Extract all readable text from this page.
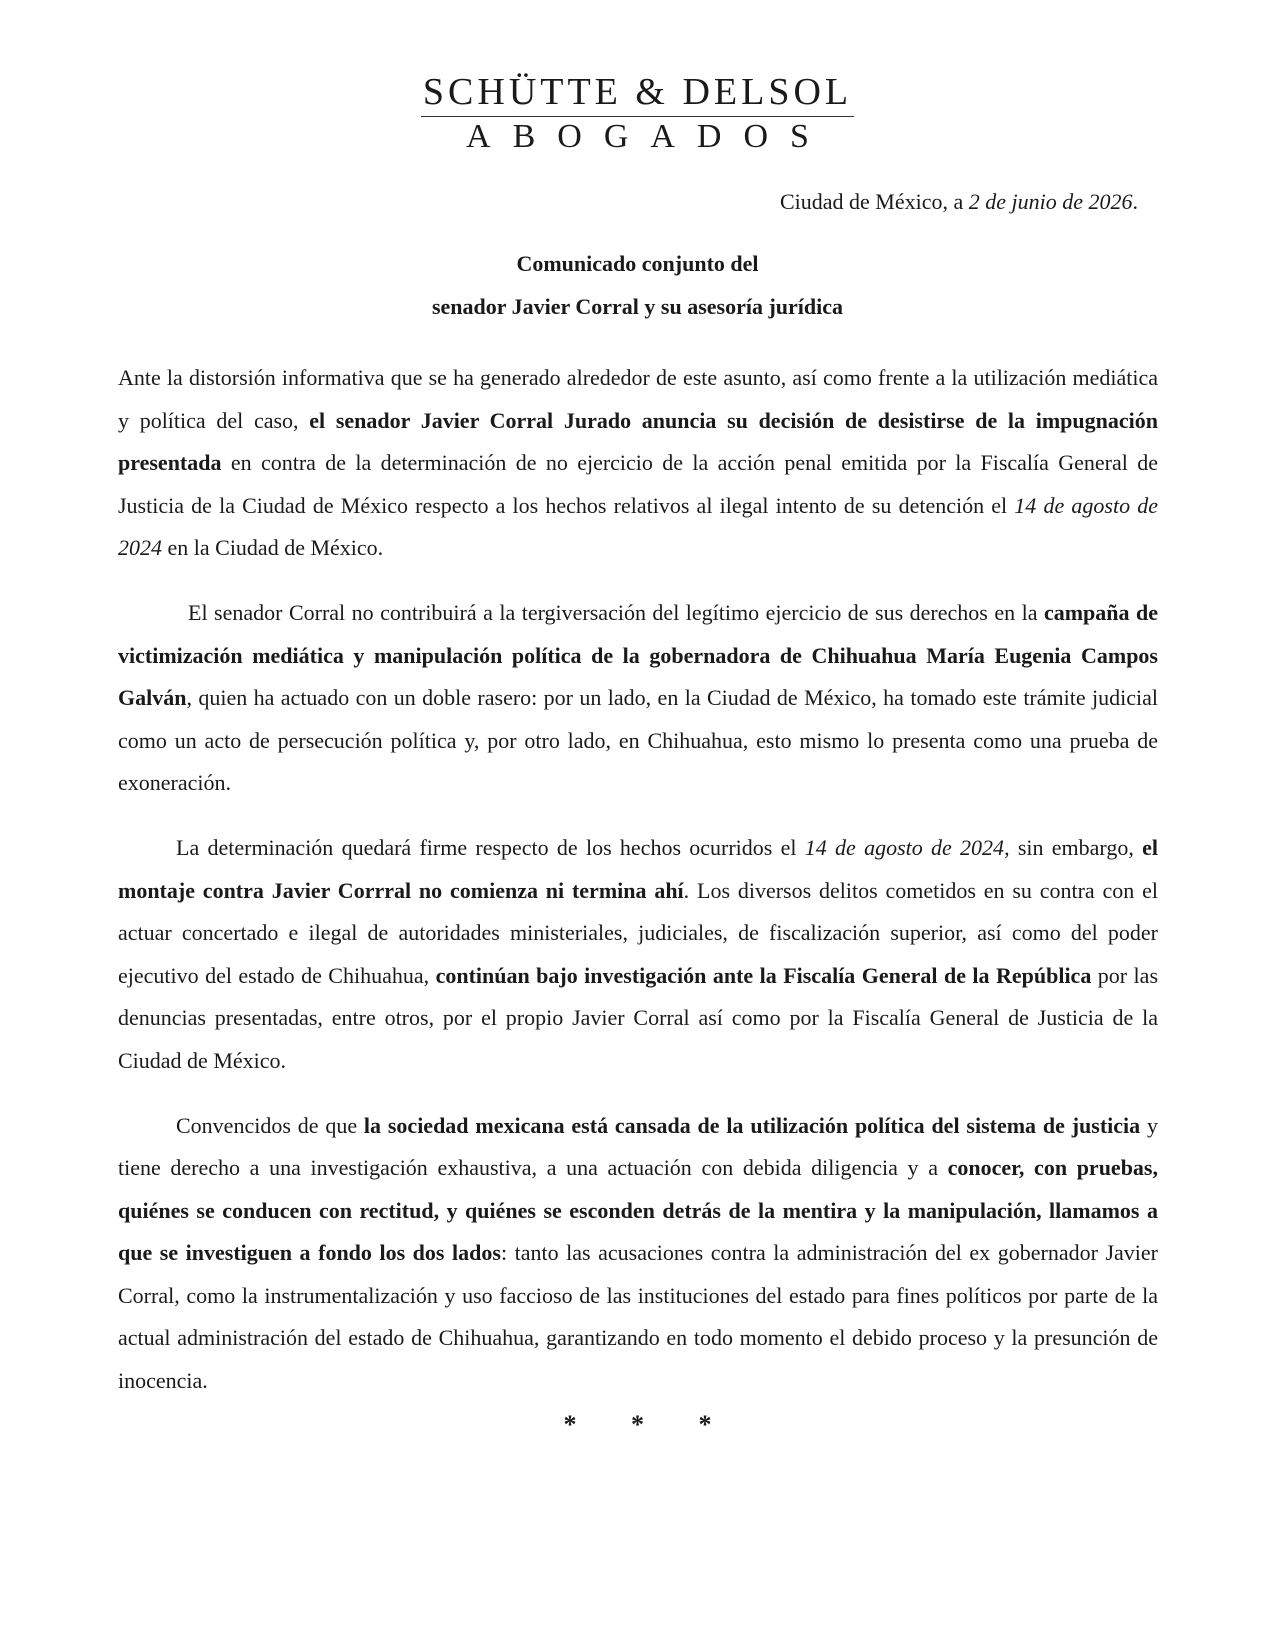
SCHÜTTE & DELSOL
ABOGADOS
Ciudad de México, a 2 de junio de 2026.
Comunicado conjunto del
senador Javier Corral y su asesoría jurídica

Ante la distorsión informativa que se ha generado alrededor de este asunto, así como frente a la utilización mediática y política del caso, el senador Javier Corral Jurado anuncia su decisión de desistirse de la impugnación presentada en contra de la determinación de no ejercicio de la acción penal emitida por la Fiscalía General de Justicia de la Ciudad de México respecto a los hechos relativos al ilegal intento de su detención el 14 de agosto de 2024 en la Ciudad de México.

El senador Corral no contribuirá a la tergiversación del legítimo ejercicio de sus derechos en la campaña de victimización mediática y manipulación política de la gobernadora de Chihuahua María Eugenia Campos Galván, quien ha actuado con un doble rasero: por un lado, en la Ciudad de México, ha tomado este trámite judicial como un acto de persecución política y, por otro lado, en Chihuahua, esto mismo lo presenta como una prueba de exoneración.

La determinación quedará firme respecto de los hechos ocurridos el 14 de agosto de 2024, sin embargo, el montaje contra Javier Corrral no comienza ni termina ahí. Los diversos delitos cometidos en su contra con el actuar concertado e ilegal de autoridades ministeriales, judiciales, de fiscalización superior, así como del poder ejecutivo del estado de Chihuahua, continúan bajo investigación ante la Fiscalía General de la República por las denuncias presentadas, entre otros, por el propio Javier Corral así como por la Fiscalía General de Justicia de la Ciudad de México.

Convencidos de que la sociedad mexicana está cansada de la utilización política del sistema de justicia y tiene derecho a una investigación exhaustiva, a una actuación con debida diligencia y a conocer, con pruebas, quiénes se conducen con rectitud, y quiénes se esconden detrás de la mentira y la manipulación, llamamos a que se investiguen a fondo los dos lados: tanto las acusaciones contra la administración del ex gobernador Javier Corral, como la instrumentalización y uso faccioso de las instituciones del estado para fines políticos por parte de la actual administración del estado de Chihuahua, garantizando en todo momento el debido proceso y la presunción de inocencia.

* * *
